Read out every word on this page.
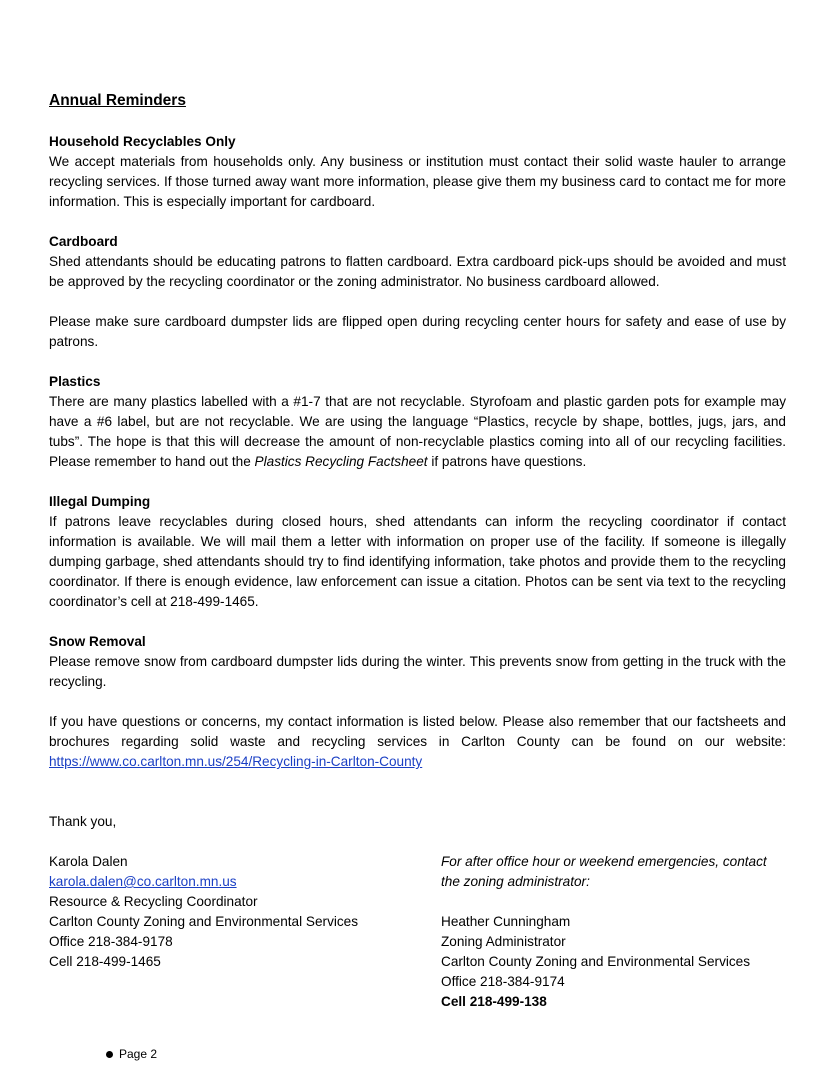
Annual Reminders
Household Recyclables Only

We accept materials from households only. Any business or institution must contact their solid waste hauler to arrange recycling services. If those turned away want more information, please give them my business card to contact me for more information. This is especially important for cardboard.

Cardboard

Shed attendants should be educating patrons to flatten cardboard. Extra cardboard pick-ups should be avoided and must be approved by the recycling coordinator or the zoning administrator. No business cardboard allowed.

Please make sure cardboard dumpster lids are flipped open during recycling center hours for safety and ease of use by patrons.

Plastics

There are many plastics labelled with a #1-7 that are not recyclable. Styrofoam and plastic garden pots for example may have a #6 label, but are not recyclable. We are using the language “Plastics, recycle by shape, bottles, jugs, jars, and tubs”. The hope is that this will decrease the amount of non-recyclable plastics coming into all of our recycling facilities. Please remember to hand out the Plastics Recycling Factsheet if patrons have questions.

Illegal Dumping

If patrons leave recyclables during closed hours, shed attendants can inform the recycling coordinator if contact information is available. We will mail them a letter with information on proper use of the facility. If someone is illegally dumping garbage, shed attendants should try to find identifying information, take photos and provide them to the recycling coordinator. If there is enough evidence, law enforcement can issue a citation. Photos can be sent via text to the recycling coordinator’s cell at 218-499-1465.

Snow Removal

Please remove snow from cardboard dumpster lids during the winter. This prevents snow from getting in the truck with the recycling.

If you have questions or concerns, my contact information is listed below. Please also remember that our factsheets and brochures regarding solid waste and recycling services in Carlton County can be found on our website: https://www.co.carlton.mn.us/254/Recycling-in-Carlton-County

Thank you,
Karola Dalen
karola.dalen@co.carlton.mn.us
Resource & Recycling Coordinator
Carlton County Zoning and Environmental Services
Office 218-384-9178
Cell 218-499-1465
For after office hour or weekend emergencies, contact
the zoning administrator:
Heather Cunningham
Zoning Administrator
Carlton County Zoning and Environmental Services
Office 218-384-9174
Cell 218-499-138
Page 2
